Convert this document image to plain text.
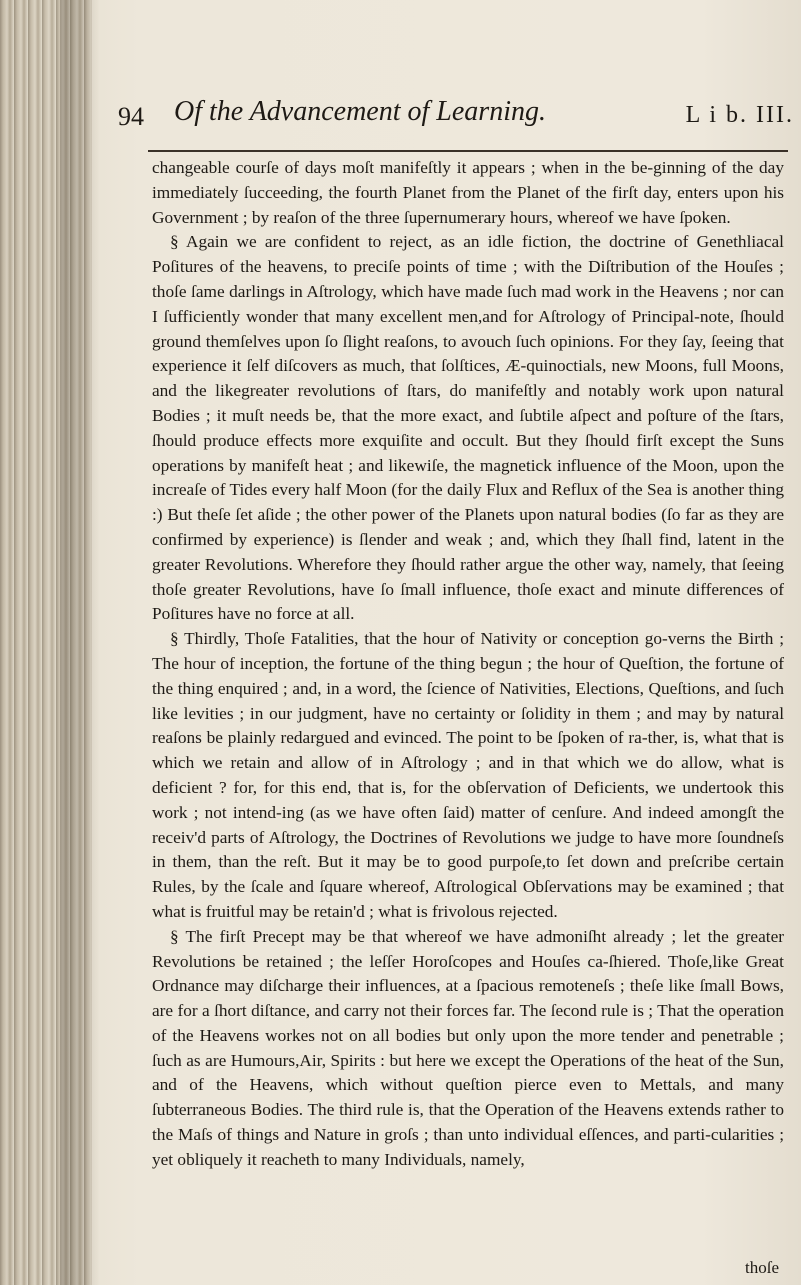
94 Of the Advancement of Learning.	L i b. III.

changeable courſe of days moſt manifeſtly it appears ; when in the be-ginning of the day immediately ſucceeding, the fourth Planet from the Planet of the firſt day, enters upon his Government ; by reaſon of the three ſupernumerary hours, whereof we have ſpoken.

§ Again we are confident to reject, as an idle fiction, the doctrine of Genethliacal Poſitures of the heavens, to preciſe points of time ; with the Diſtribution of the Houſes ; thoſe ſame darlings in Aſtrology, which have made ſuch mad work in the Heavens ; nor can I ſufficiently wonder that many excellent men,and for Aſtrology of Principal-note, ſhould ground themſelves upon ſo ſlight reaſons, to avouch ſuch opinions. For they ſay, ſeeing that experience it ſelf diſcovers as much, that ſolſtices, Æ-quinoctials, new Moons, full Moons, and the likegreater revolutions of ſtars, do manifeſtly and notably work upon natural Bodies ; it muſt needs be, that the more exact, and ſubtile aſpect and poſture of the ſtars, ſhould produce effects more exquiſite and occult. But they ſhould firſt except the Suns operations by manifeſt heat ; and likewiſe, the magnetick influence of the Moon, upon the increaſe of Tides every half Moon (for the daily Flux and Reflux of the Sea is another thing :) But theſe ſet aſide ; the other power of the Planets upon natural bodies (ſo far as they are confirmed by experience) is ſlender and weak ; and, which they ſhall find, latent in the greater Revolutions. Wherefore they ſhould rather argue the other way, namely, that ſeeing thoſe greater Revolutions, have ſo ſmall influence, thoſe exact and minute differences of Poſitures have no force at all.

§ Thirdly, Thoſe Fatalities, that the hour of Nativity or conception go-verns the Birth ; The hour of inception, the fortune of the thing begun ; the hour of Queſtion, the fortune of the thing enquired ; and, in a word, the ſcience of Nativities, Elections, Queſtions, and ſuch like levities ; in our judgment, have no certainty or ſolidity in them ; and may by natural reaſons be plainly redargued and evinced. The point to be ſpoken of ra-ther, is, what that is which we retain and allow of in Aſtrology ; and in that which we do allow, what is deficient ? for, for this end, that is, for the obſervation of Deficients, we undertook this work ; not intend-ing (as we have often ſaid) matter of cenſure. And indeed amongſt the receiv'd parts of Aſtrology, the Doctrines of Revolutions we judge to have more ſoundneſs in them, than the reſt. But it may be to good purpoſe,to ſet down and preſcribe certain Rules, by the ſcale and ſquare whereof, Aſtrological Obſervations may be examined ; that what is fruitful may be retain'd ; what is frivolous rejected.

§ The firſt Precept may be that whereof we have admoniſht already ; let the greater Revolutions be retained ; the leſſer Horoſcopes and Houſes ca-ſhiered. Thoſe,like Great Ordnance may diſcharge their influences, at a ſpacious remoteneſs ; theſe like ſmall Bows, are for a ſhort diſtance, and carry not their forces far. The ſecond rule is ; That the operation of the Heavens workes not on all bodies but only upon the more tender and penetrable ; ſuch as are Humours,Air, Spirits : but here we except the Operations of the heat of the Sun, and of the Heavens, which without queſtion pierce even to Mettals, and many ſubterraneous Bodies. The third rule is, that the Operation of the Heavens extends rather to the Maſs of things and Nature in groſs ; than unto individual eſſences, and parti-cularities ; yet obliquely it reacheth to many Individuals, namely,

thoſe
